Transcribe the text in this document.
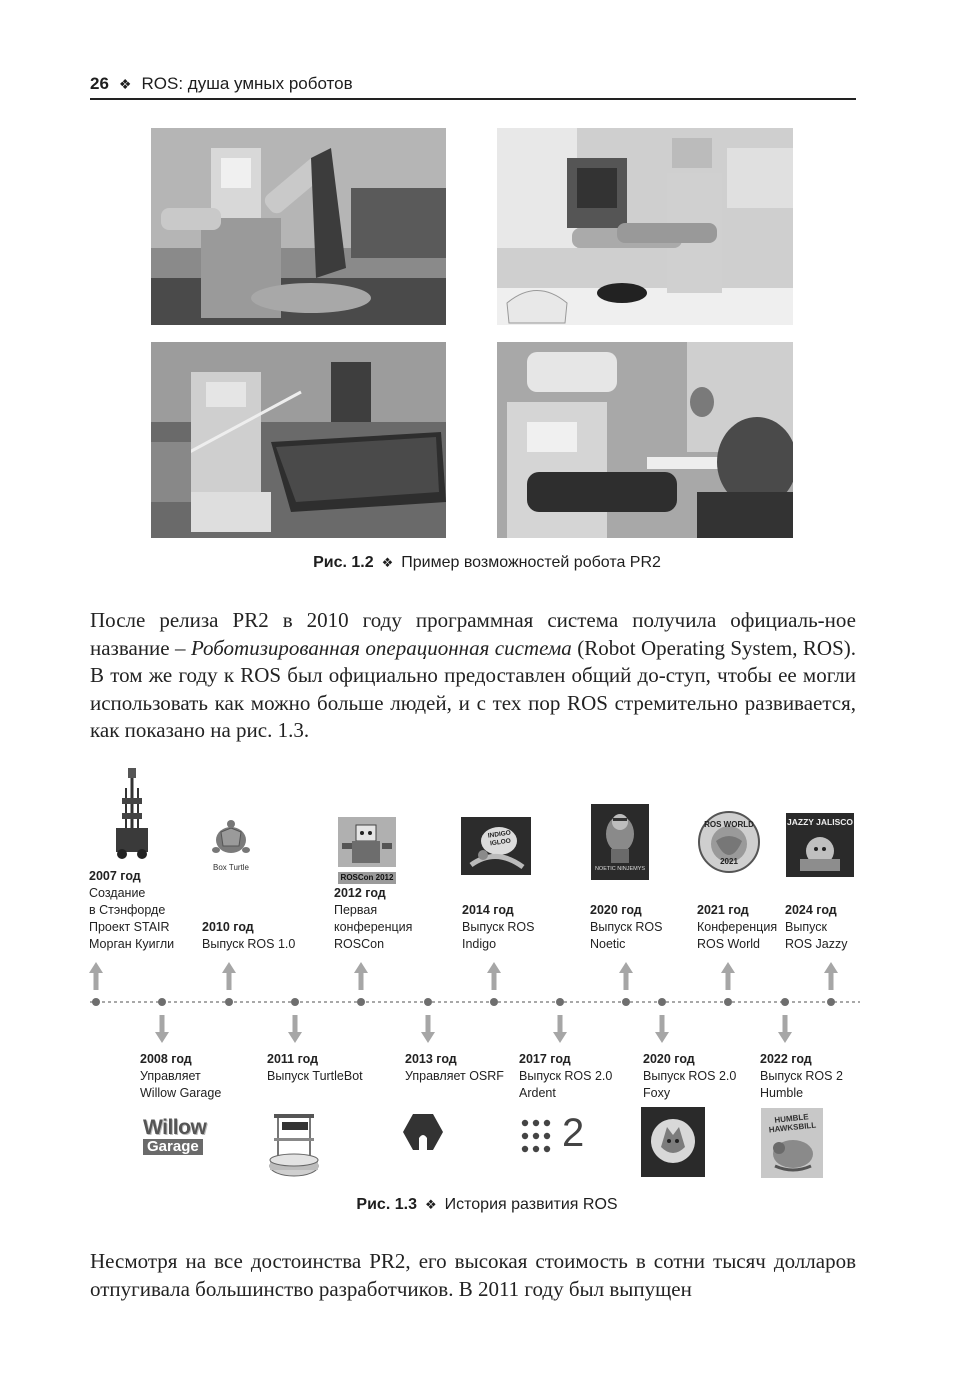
26 ❖ ROS: душа умных роботов
Рис. 1.2 ❖ Пример возможностей робота PR2

После релиза PR2 в 2010 году программная система получила официаль-ное название – Роботизированная операционная система (Robot Operating System, ROS). В том же году к ROS был официально предоставлен общий до-ступ, чтобы ее могли использовать как можно больше людей, и с тех пор ROS стремительно развивается, как показано на рис. 1.3.

Box Turtle
ROSCon 2012
INDIGO IGLOO
NOETIC NINJEMYS
ROS WORLD
2021
JAZZY JALISCO
2007 год
Создание
в Стэнфорде
Проект STAIR
Морган Куигли
2010 год
Выпуск ROS 1.0
2012 год
Первая
конференция
ROSCon
2014 год
Выпуск ROS
Indigo
2020 год
Выпуск ROS
Noetic
2021 год
Конференция
ROS World
2024 год
Выпуск
ROS Jazzy
2008 год
Управляет
Willow Garage
2011 год
Выпуск TurtleBot
2013 год
Управляет OSRF
2017 год
Выпуск ROS 2.0
Ardent
2020 год
Выпуск ROS 2.0
Foxy
2022 год
Выпуск ROS 2
Humble
Willow
Garage	2	HUMBLE HAWKSBILL
Рис. 1.3 ❖ История развития ROS

Несмотря на все достоинства PR2, его высокая стоимость в сотни тысяч долларов отпугивала большинство разработчиков. В 2011 году был выпущен
